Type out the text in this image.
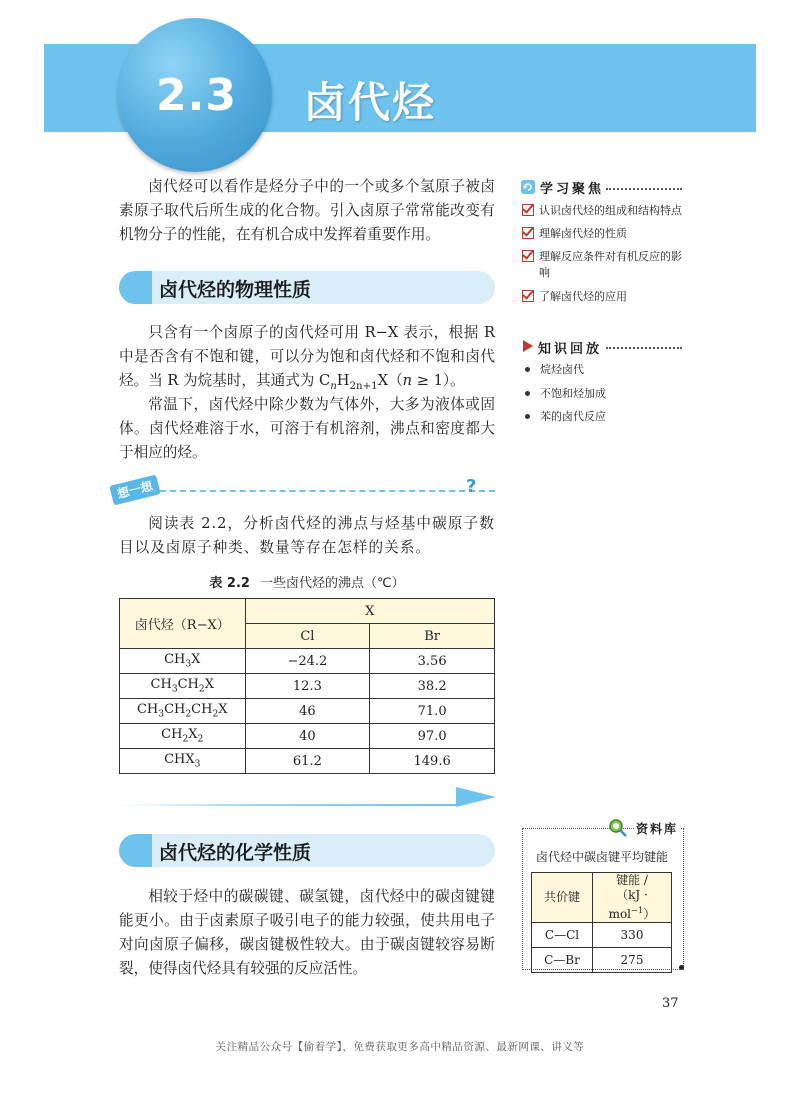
2.3 卤代烃

卤代烃可以看作是烃分子中的一个或多个氢原子被卤素原子取代后所生成的化合物。引入卤原子常常能改变有机物分子的性能，在有机合成中发挥着重要作用。

卤代烃的物理性质

只含有一个卤原子的卤代烃可用 R−X 表示，根据 R 中是否含有不饱和键，可以分为饱和卤代烃和不饱和卤代烃。当 R 为烷基时，其通式为 $C_nH_{2n+1}X(n \ge 1)$。

常温下，卤代烃中除少数为气体外，大多为液体或固体。卤代烃难溶于水，可溶于有机溶剂，沸点和密度都大于相应的烃。

想一想	?

阅读表 2.2，分析卤代烃的沸点与烃基中碳原子数目以及卤原子种类、数量等存在怎样的关系。

表 2.2 一些卤代烃的沸点（℃）
卤代烃（R−X）	X	
	Cl	Br
$CH_3X$	−24.2	3.56
$CH_3CH_2X$	12.3	38.2
$CH_3CH_2CH_2X$	46	71.0
$CH_2X_2$	40	97.0
$CHX_3$	61.2	149.6
卤代烃的化学性质

相较于烃中的碳碳键、碳氢键，卤代烃中的碳卤键键能更小。由于卤素原子吸引电子的能力较强，使共用电子对向卤原子偏移，碳卤键极性较大。由于碳卤键较容易断裂，使得卤代烃具有较强的反应活性。

学习聚焦
认识卤代烃的组成和结构特点
理解卤代烃的性质
理解反应条件对有机反应的影响
了解卤代烃的应用
知识回放
烷烃卤代
不饱和烃加成
苯的卤代反应
资料库
卤代烃中碳卤键平均键能
共价键	键能 /
（kJ · mol$^{-1}$）
C—Cl	330
C—Br	275
37
关注精品公众号【偷着学】，免费获取更多高中精品资源、最新网课、讲义等
